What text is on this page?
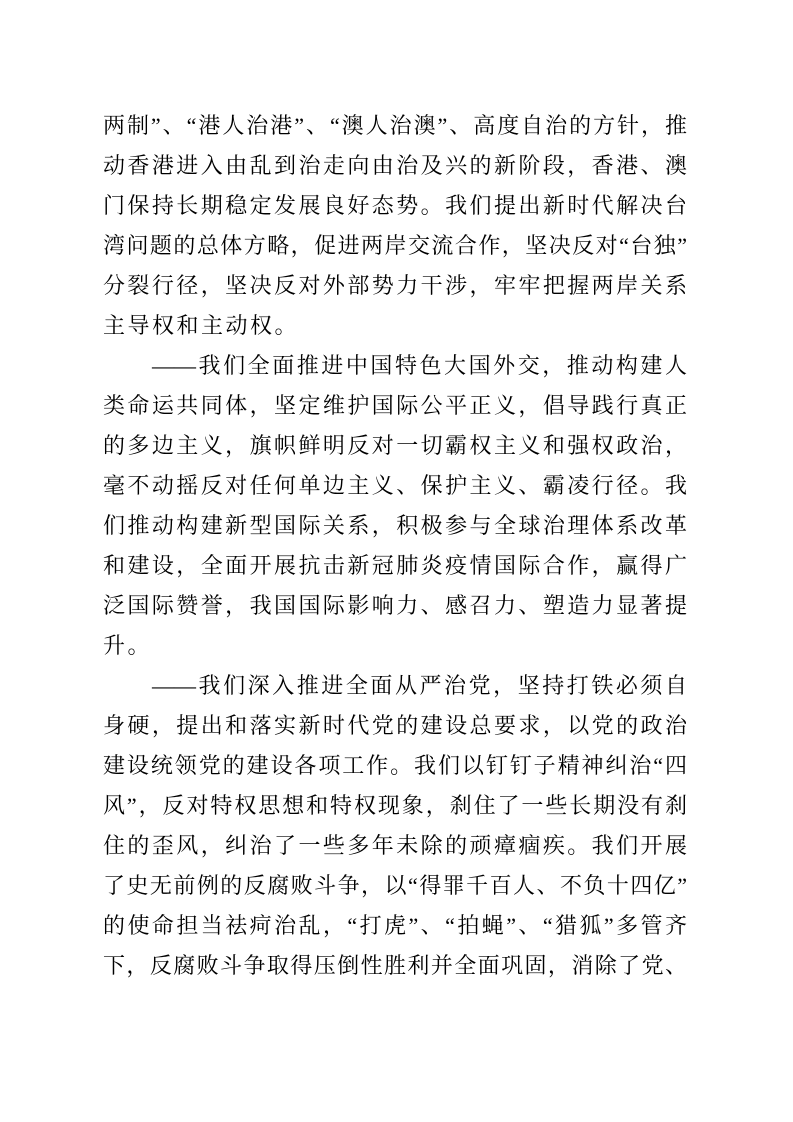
两制”、“港人治港”、“澳人治澳”、高度自治的方针，推
动香港进入由乱到治走向由治及兴的新阶段，香港、澳
门保持长期稳定发展良好态势。我们提出新时代解决台
湾问题的总体方略，促进两岸交流合作，坚决反对“台独”
分裂行径，坚决反对外部势力干涉，牢牢把握两岸关系
主导权和主动权。
——我们全面推进中国特色大国外交，推动构建人
类命运共同体，坚定维护国际公平正义，倡导践行真正
的多边主义，旗帜鲜明反对一切霸权主义和强权政治，
毫不动摇反对任何单边主义、保护主义、霸凌行径。我
们推动构建新型国际关系，积极参与全球治理体系改革
和建设，全面开展抗击新冠肺炎疫情国际合作，赢得广
泛国际赞誉，我国国际影响力、感召力、塑造力显著提
升。
——我们深入推进全面从严治党，坚持打铁必须自
身硬，提出和落实新时代党的建设总要求，以党的政治
建设统领党的建设各项工作。我们以钉钉子精神纠治“四
风”，反对特权思想和特权现象，刹住了一些长期没有刹
住的歪风，纠治了一些多年未除的顽瘴痼疾。我们开展
了史无前例的反腐败斗争，以“得罪千百人、不负十四亿”
的使命担当祛疴治乱，“打虎”、“拍蝇”、“猎狐”多管齐
下，反腐败斗争取得压倒性胜利并全面巩固，消除了党、
